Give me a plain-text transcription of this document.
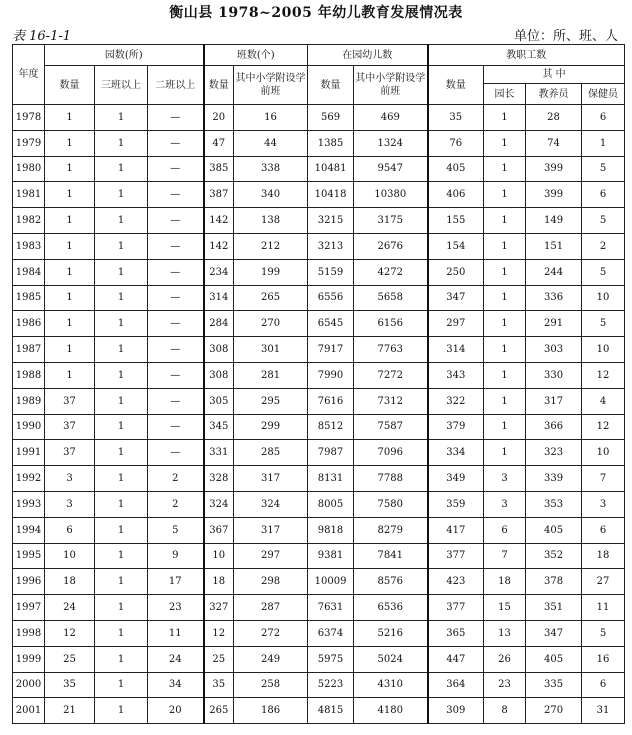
衡山县 1978~2005 年幼儿教育发展情况表
表 16-1-1	单位：所、班、人
年度	园数(所)			班数(个)		在园幼儿数		教职工数			
	数量	三班以上	二班以上	数量	其中小学附设学前班	数量	其中小学附设学前班	数量	其 中		
									园长	教养员	保健员
1978	1	1	—	20	16	569	469	35	1	28	6
1979	1	1	—	47	44	1385	1324	76	1	74	1
1980	1	1	—	385	338	10481	9547	405	1	399	5
1981	1	1	—	387	340	10418	10380	406	1	399	6
1982	1	1	—	142	138	3215	3175	155	1	149	5
1983	1	1	—	142	212	3213	2676	154	1	151	2
1984	1	1	—	234	199	5159	4272	250	1	244	5
1985	1	1	—	314	265	6556	5658	347	1	336	10
1986	1	1	—	284	270	6545	6156	297	1	291	5
1987	1	1	—	308	301	7917	7763	314	1	303	10
1988	1	1	—	308	281	7990	7272	343	1	330	12
1989	37	1	—	305	295	7616	7312	322	1	317	4
1990	37	1	—	345	299	8512	7587	379	1	366	12
1991	37	1	—	331	285	7987	7096	334	1	323	10
1992	3	1	2	328	317	8131	7788	349	3	339	7
1993	3	1	2	324	324	8005	7580	359	3	353	3
1994	6	1	5	367	317	9818	8279	417	6	405	6
1995	10	1	9	10	297	9381	7841	377	7	352	18
1996	18	1	17	18	298	10009	8576	423	18	378	27
1997	24	1	23	327	287	7631	6536	377	15	351	11
1998	12	1	11	12	272	6374	5216	365	13	347	5
1999	25	1	24	25	249	5975	5024	447	26	405	16
2000	35	1	34	35	258	5223	4310	364	23	335	6
2001	21	1	20	265	186	4815	4180	309	8	270	31
